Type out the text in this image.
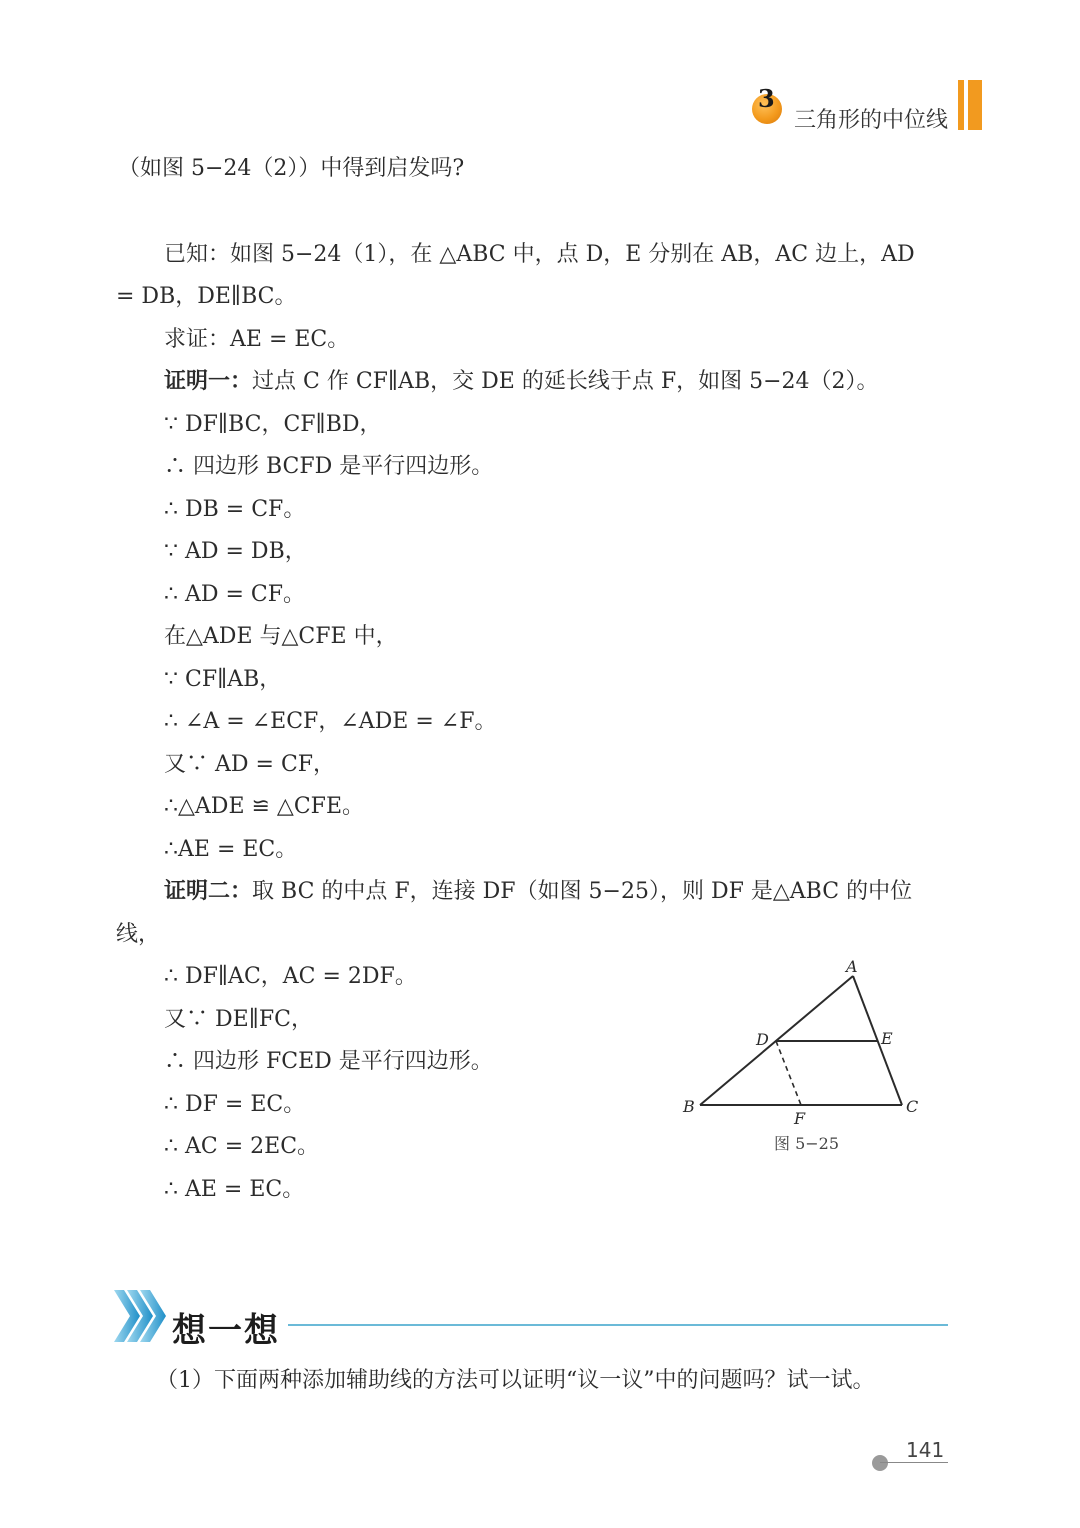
3
三角形的中位线
（如图 5−24（2））中得到启发吗?
已知：如图 5−24（1），在 △ABC 中，点 D，E 分别在 AB，AC 边上，AD
= DB，DE∥BC。
求证：AE = EC。
证明一：过点 C 作 CF∥AB，交 DE 的延长线于点 F，如图 5−24（2）。
∵ DF∥BC，CF∥BD，
∴ 四边形 BCFD 是平行四边形。
∴ DB = CF。
∵ AD = DB，
∴ AD = CF。
在△ADE 与△CFE 中，
∵ CF∥AB，
∴ ∠A = ∠ECF，∠ADE = ∠F。
又∵ AD = CF，
∴△ADE ≌ △CFE。
∴AE = EC。
证明二：取 BC 的中点 F，连接 DF（如图 5−25），则 DF 是△ABC 的中位
线，
∴ DF∥AC，AC = 2DF。
又∵ DE∥FC，
∴ 四边形 FCED 是平行四边形。
∴ DF = EC。
∴ AC = 2EC。
∴ AE = EC。
A
D	E
B	C
F
图 5−25
想一想
（1）下面两种添加辅助线的方法可以证明“议一议”中的问题吗？试一试。
141
